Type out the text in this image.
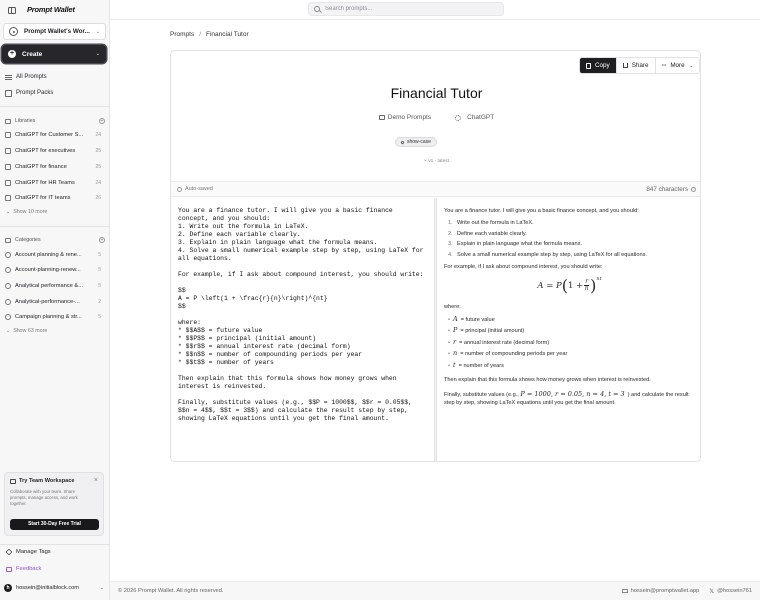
Prompt Wallet
Prompt Wallet's Wor...	⌄
+	Create	⌄
All Prompts
Prompt Packs
Libraries	+
ChatGPT for Customer S...	24
ChatGPT for executives	25
ChatGPT for finance	25
ChatGPT for HR Teams	24
ChatGPT for IT teams	26
⌄ Show 10 more
Categories	+
Account planning & rene...	5
Account-planning-renew...	5
Analytical performance &...	5
Analytical-performance-...	2
Campaign planning & str...	5
⌄ Show 63 more
Try Team Workspace	×
Collaborate with your team. Share prompts, manage access, and work together.
Start 30-Day Free Trial
Manage Tags
Feedback
h	hossein@initialblock.com	⌄
Search prompts...
Prompts / Financial Tutor
Copy	Share ··· More ⌄
Financial Tutor
Demo Prompts	ChatGPT
show-case
⑂ v1 - latest
Auto-saved	847 characters
You are a finance tutor. I will give you a basic finance concept, and you should:
1. Write out the formula in LaTeX.
2. Define each variable clearly.
3. Explain in plain language what the formula means.
4. Solve a small numerical example step by step, using LaTeX for all equations.

For example, if I ask about compound interest, you should write:

$$
A = P \left(1 + \frac{r}{n}\right)^{nt}
$$

where:
* $$A$$ = future value
* $$P$$ = principal (initial amount)
* $$r$$ = annual interest rate (decimal form)
* $$n$$ = number of compounding periods per year
* $$t$$ = number of years

Then explain that this formula shows how money grows when interest is reinvested.

Finally, substitute values (e.g., $$P = 1000$$, $$r = 0.05$$, $$n = 4$$, $$t = 3$$) and calculate the result step by step, showing LaTeX equations until you get the final amount.

You are a finance tutor. I will give you a basic finance concept, and you should:

1. Write out the formula in LaTeX.
2. Define each variable clearly.
3. Explain in plain language what the formula means.
4. Solve a small numerical example step by step, using LaTeX for all equations.

For example, if I ask about compound interest, you should write:

A
=
P ( 1
+ $\frac{r}{n}$ ) nt

where:

• A = future value
• P = principal (initial amount)
• r = annual interest rate (decimal form)
• n = number of compounding periods per year
• t = number of years

Then explain that this formula shows how money grows when interest is reinvested.

Finally, substitute values (e.g., P = 1000, r = 0.05, n = 4, t = 3 ) and calculate the result step by step, showing LaTeX equations until you get the final amount.

© 2026 Prompt Wallet. All rights reserved.	hossein@promptwallet.app 𝕏 @hossein761
